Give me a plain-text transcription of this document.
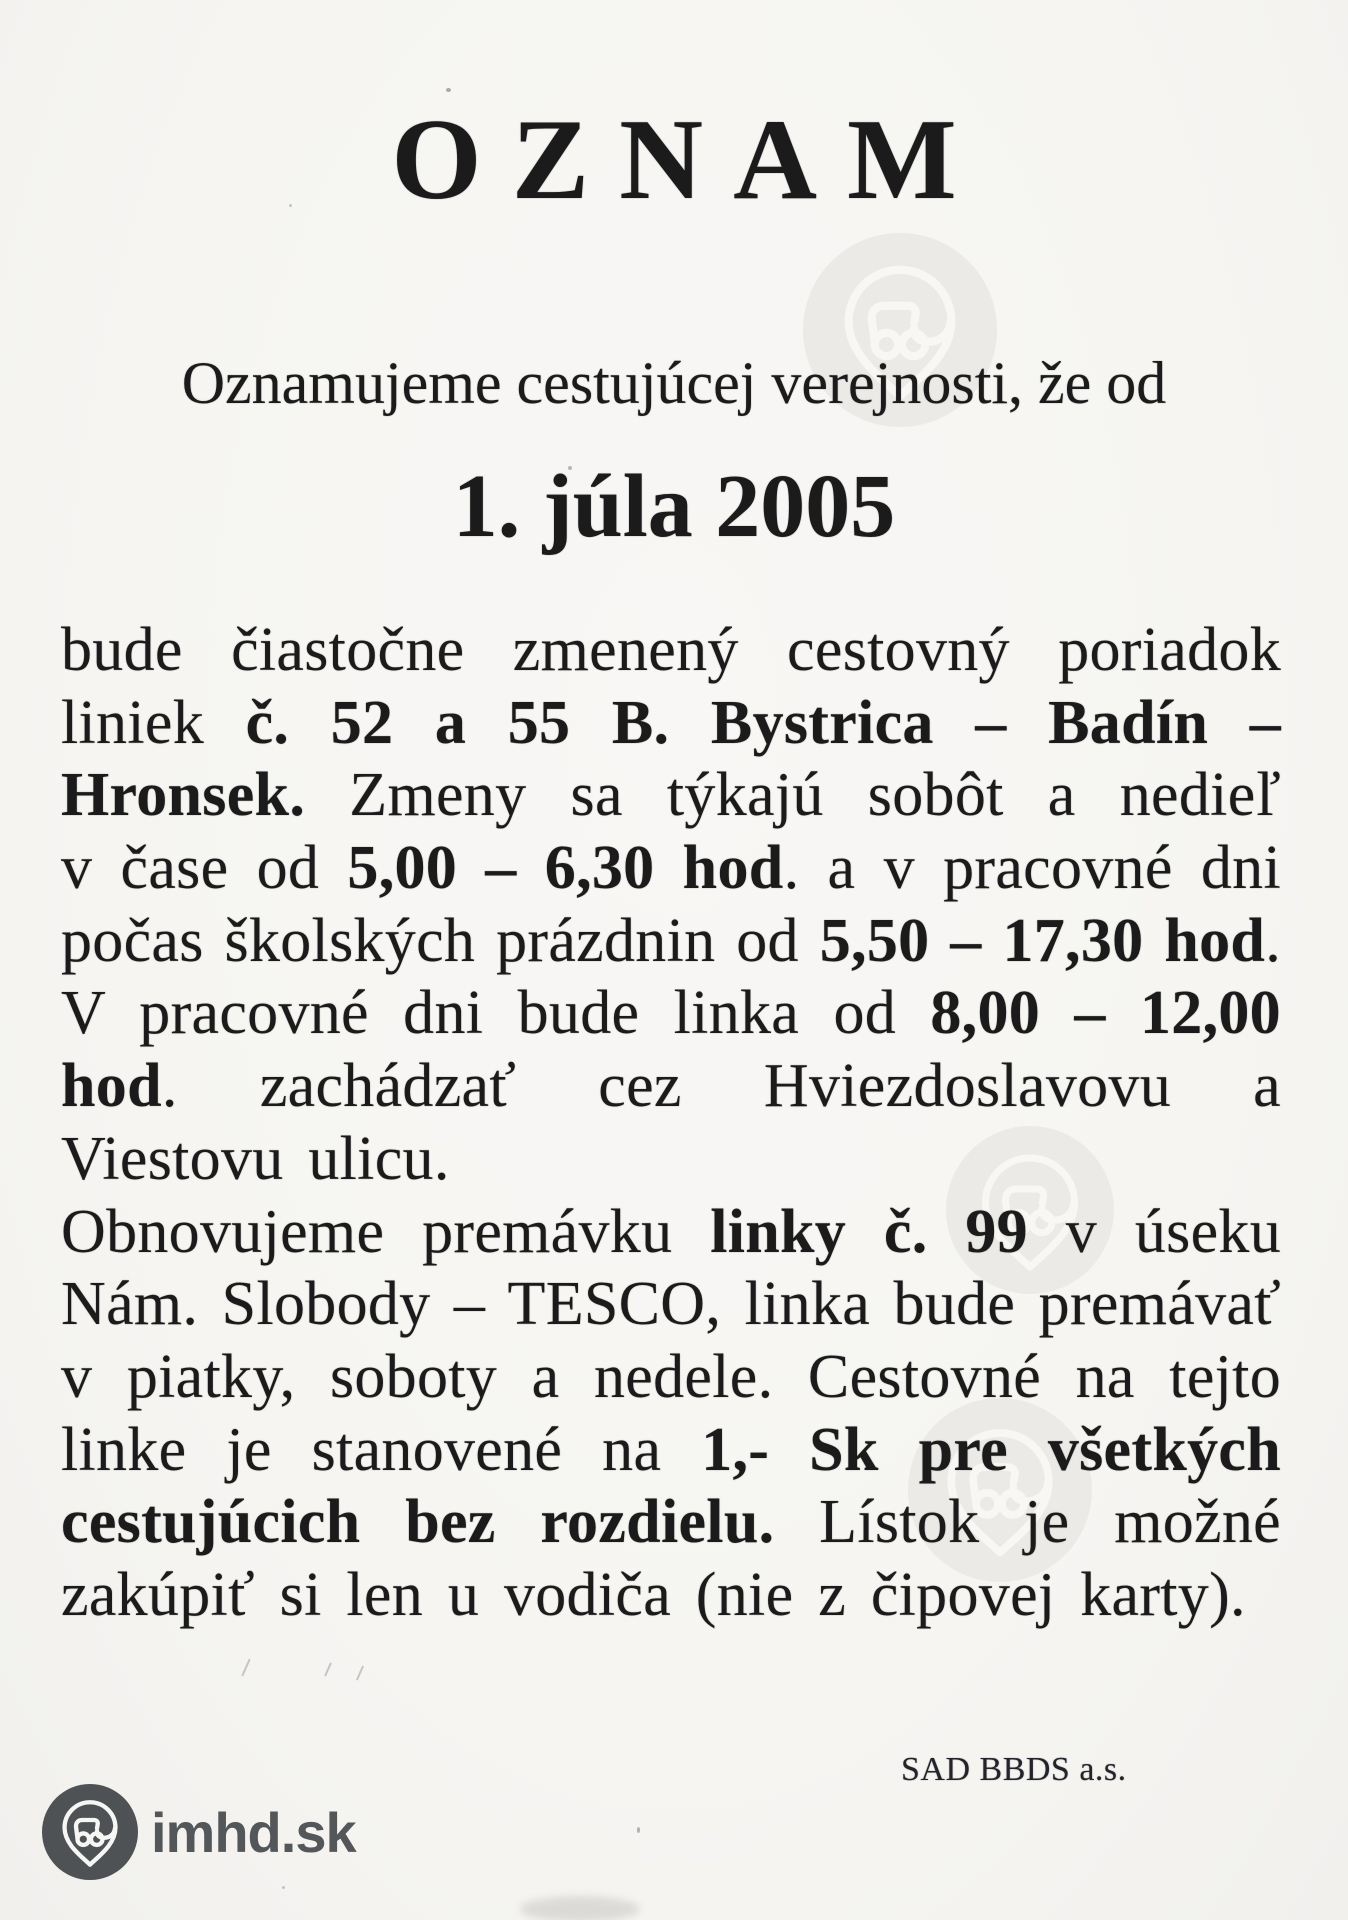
OZNAM
Oznamujeme cestujúcej verejnosti, že od
1. júla 2005
bude čiastočne zmenený cestovný poriadok
liniek č. 52 a 55 B. Bystrica – Badín –
Hronsek. Zmeny sa týkajú sobôt a nedieľ
v čase od 5,00 – 6,30 hod. a v pracovné dni
počas školských prázdnin od 5,50 – 17,30 hod.
V pracovné dni bude linka od 8,00 – 12,00
hod. zachádzať cez Hviezdoslavovu a
Viestovu ulicu.
Obnovujeme premávku linky č. 99 v úseku
Nám. Slobody – TESCO, linka bude premávať
v piatky, soboty a nedele. Cestovné na tejto
linke je stanovené na 1,- Sk pre všetkých
cestujúcich bez rozdielu. Lístok je možné
zakúpiť si len u vodiča (nie z čipovej karty).
SAD BBDS a.s.
imhd.sk
